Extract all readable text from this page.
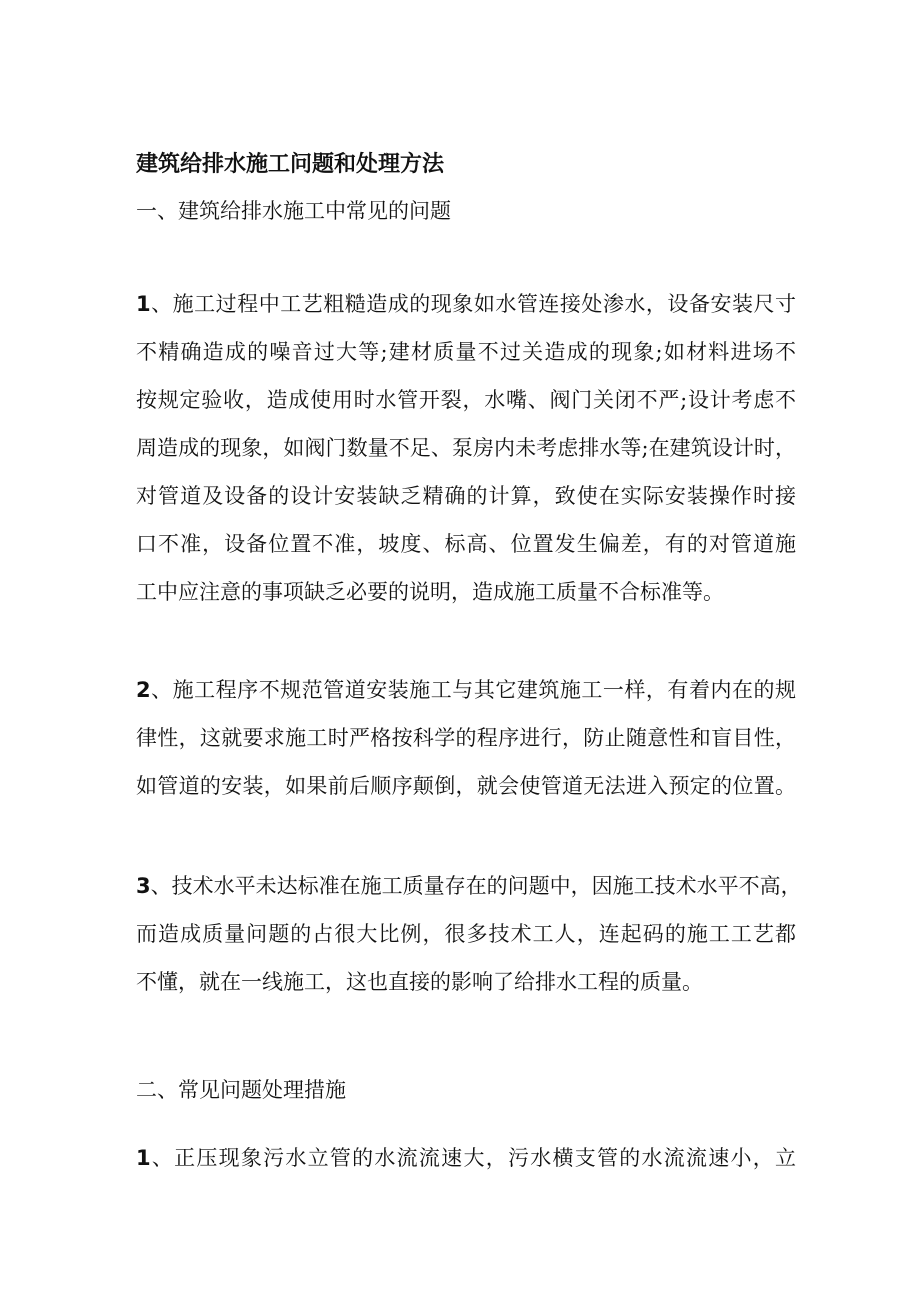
建筑给排水施工问题和处理方法
一、建筑给排水施工中常见的问题
1、施工过程中工艺粗糙造成的现象如水管连接处渗水，设备安装尺寸
不精确造成的噪音过大等;建材质量不过关造成的现象;如材料进场不
按规定验收，造成使用时水管开裂，水嘴、阀门关闭不严;设计考虑不
周造成的现象，如阀门数量不足、泵房内未考虑排水等;在建筑设计时，
对管道及设备的设计安装缺乏精确的计算，致使在实际安装操作时接
口不准，设备位置不准，坡度、标高、位置发生偏差，有的对管道施
工中应注意的事项缺乏必要的说明，造成施工质量不合标准等。
2、施工程序不规范管道安装施工与其它建筑施工一样，有着内在的规
律性，这就要求施工时严格按科学的程序进行，防止随意性和盲目性，
如管道的安装，如果前后顺序颠倒，就会使管道无法进入预定的位置。
3、技术水平未达标准在施工质量存在的问题中，因施工技术水平不高，
而造成质量问题的占很大比例，很多技术工人，连起码的施工工艺都
不懂，就在一线施工，这也直接的影响了给排水工程的质量。
二、常见问题处理措施
1、正压现象污水立管的水流流速大，污水横支管的水流流速小，立
